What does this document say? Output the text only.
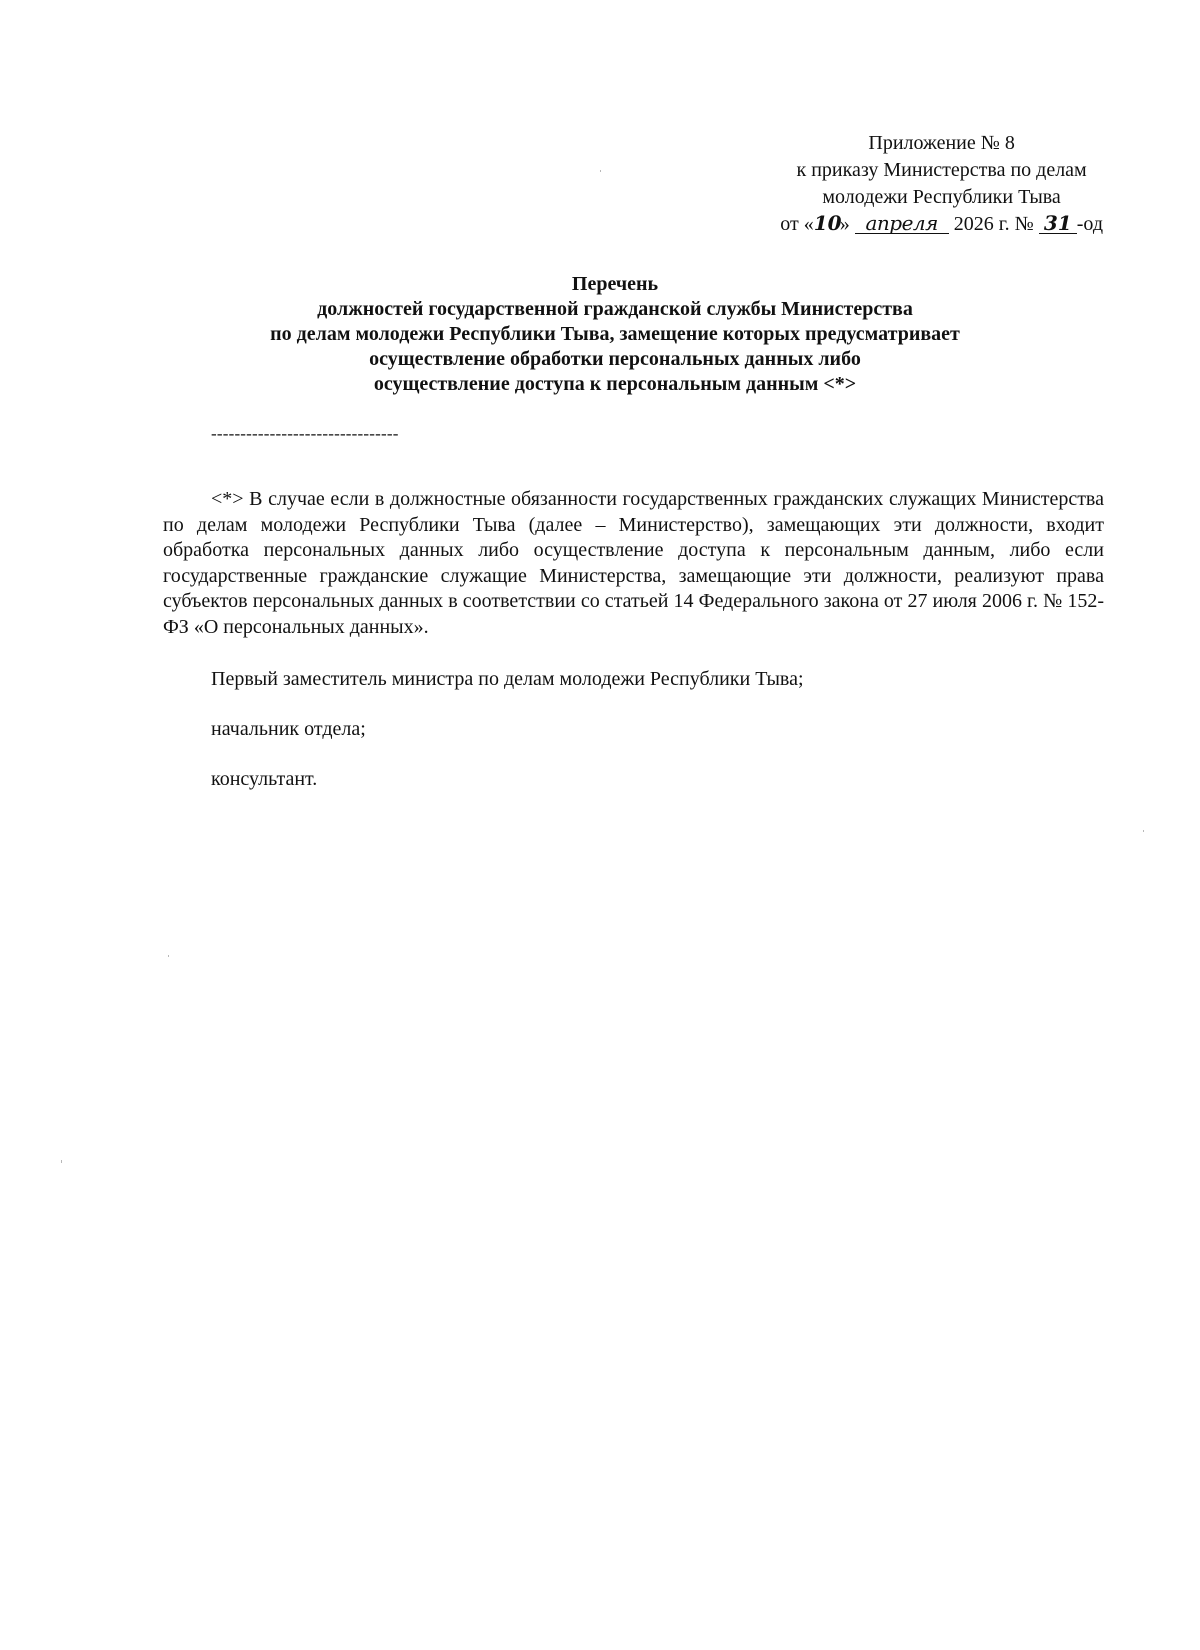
Приложение № 8
к приказу Министерства по делам
молодежи Республики Тыва
от «10» апреля 2026 г. № 31 -од
Перечень
должностей государственной гражданской службы Министерства
по делам молодежи Республики Тыва, замещение которых предусматривает
осуществление обработки персональных данных либо
осуществление доступа к персональным данным <*>
--------------------------------
<*> В случае если в должностные обязанности государственных гражданских служащих Министерства по делам молодежи Республики Тыва (далее – Министерство), замещающих эти должности, входит обработка персональных данных либо осуществление доступа к персональным данным, либо если государственные гражданские служащие Министерства, замещающие эти должности, реализуют права субъектов персональных данных в соответствии со статьей 14 Федерального закона от 27 июля 2006 г. № 152-ФЗ «О персональных данных».
Первый заместитель министра по делам молодежи Республики Тыва;
начальник отдела;
консультант.
